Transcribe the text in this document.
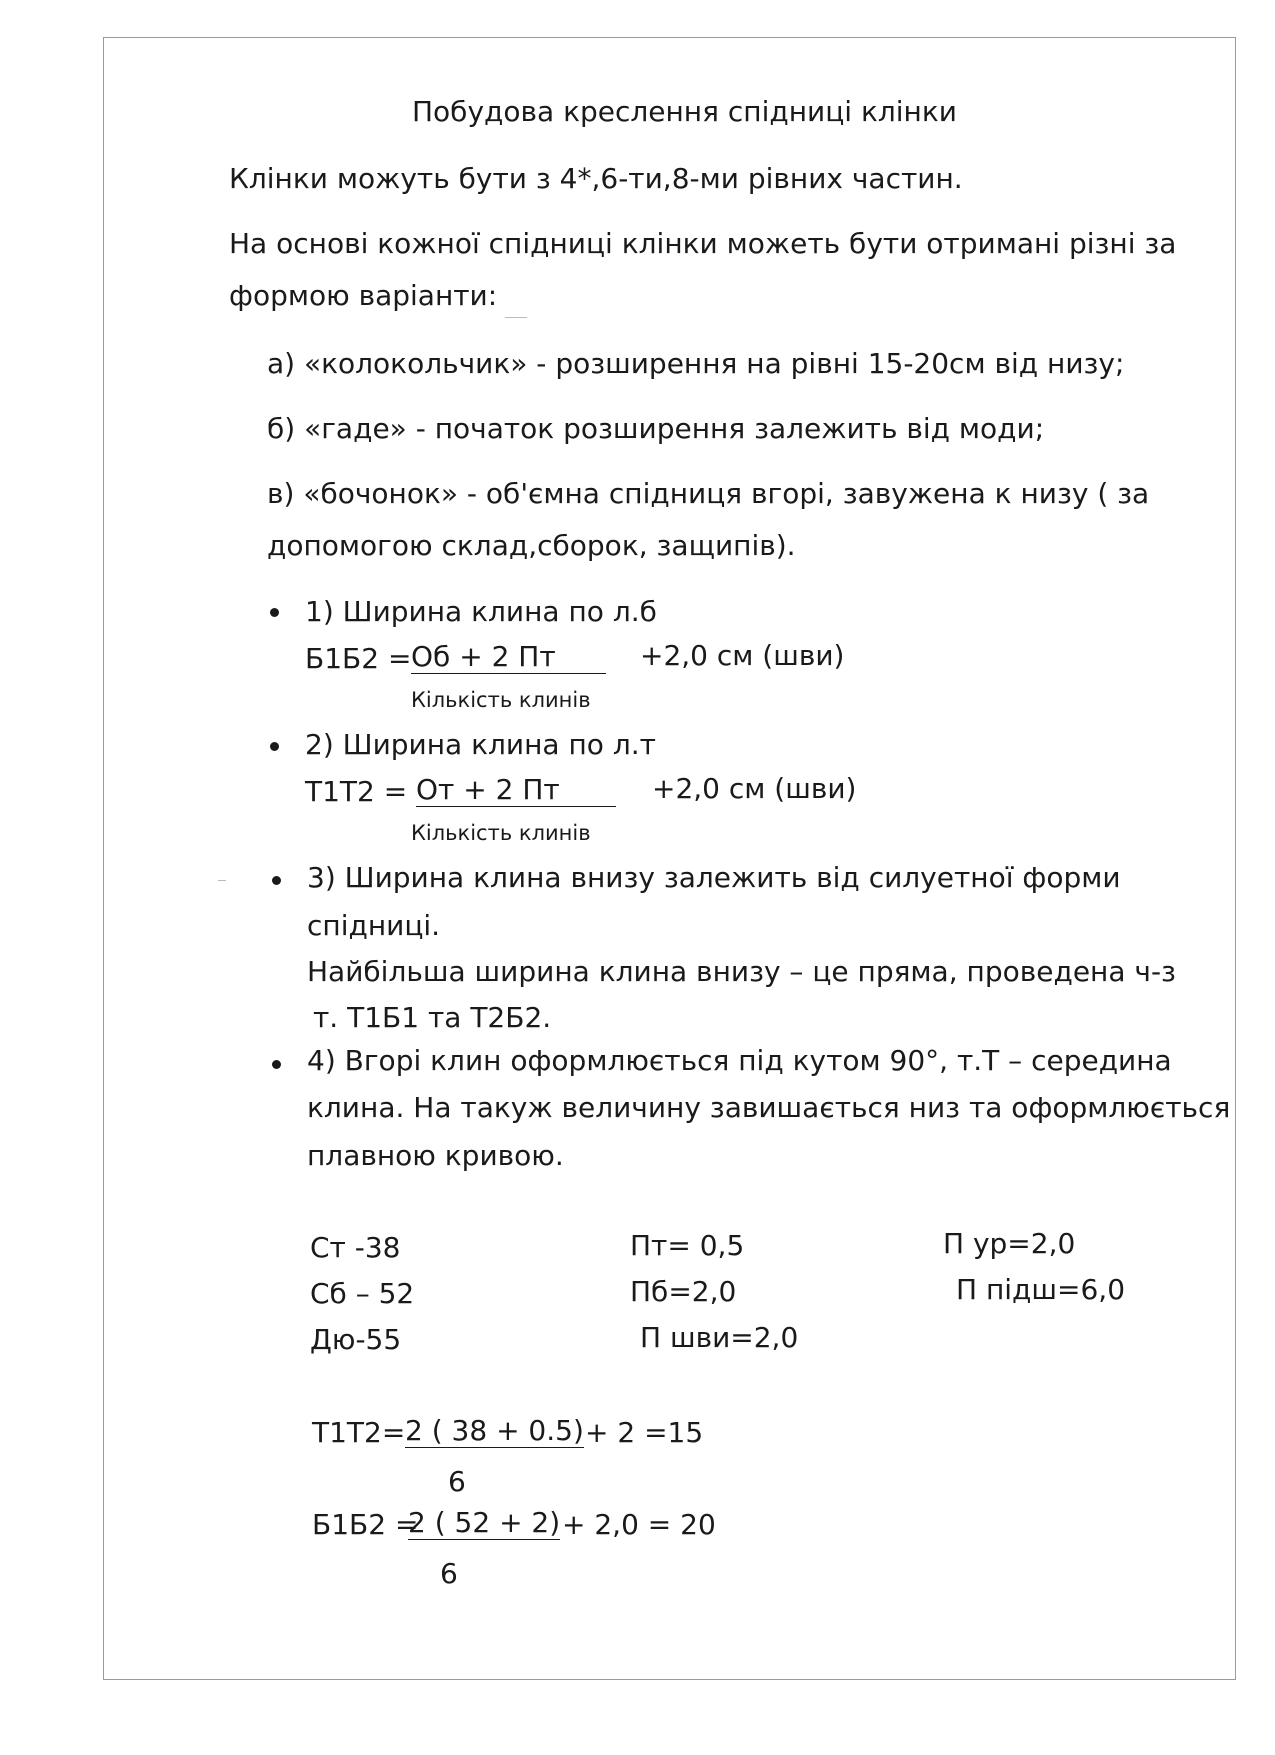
Побудова креслення спідниці клінки
Клінки можуть бути з 4*,6-ти,8-ми рівних частин.
На основі кожної спідниці клінки можеть бути отримані різні за
формою варіанти:
а) «колокольчик» - розширення на рівні 15-20см від низу;
б) «гаде» - початок розширення залежить від моди;
в) «бочонок» - об'ємна спідниця вгорі, завужена к низу ( за
допомогою склад,сборок, защипів).
1) Ширина клина по л.б
Б1Б2 = Об + 2 Пт	+2,0 см (шви)
Кількість клинів
2) Ширина клина по л.т
Т1Т2 = От + 2 Пт	+2,0 см (шви)
Кількість клинів
3) Ширина клина внизу залежить від силуетної форми
спідниці.
Найбільша ширина клина внизу – це пряма, проведена ч-з
т. Т1Б1 та Т2Б2.
4) Вгорі клин оформлюється під кутом 90°, т.Т – середина
клина. На такуж величину завишається низ та оформлюється
плавною кривою.
Ст -38
Сб – 52
Дю-55
Пт= 0,5
Пб=2,0
П шви=2,0
П ур=2,0
П підш=6,0
Т1Т2= 2 ( 38 + 0.5) + 2 =15
6
Б1Б2 =
2 ( 52 + 2) + 2,0 = 20
6
